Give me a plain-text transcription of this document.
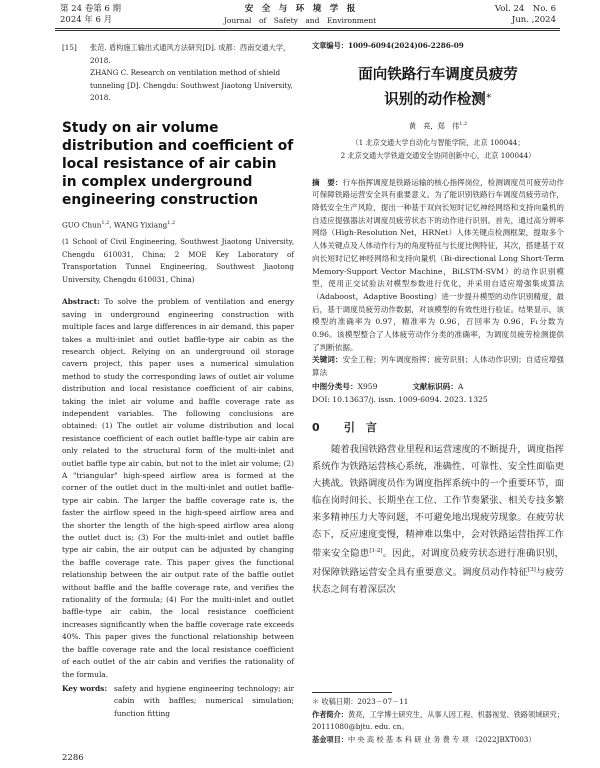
第 24 卷第 6 期
2024 年 6 月
安　全　与　环　境　学　报
Journal　of　Safety　and　Environment
Vol. 24　No. 6
Jun. ,2024
[15] 张范. 盾构施工输出式通风方法研究[D]. 成都：西南交通大学，2018.
ZHANG C. Research on ventilation method of shield tunneling [D]. Chengdu: Southwest Jiaotong University, 2018.
Study on air volume distribution and coefficient of local resistance of air cabin in complex underground engineering construction
GUO Chun$^{1,2}$, WANG Yixiang$^{1,2}$
(1 School of Civil Engineering, Southwest Jiaotong University, Chengdu 610031, China; 2 MOE Key Laboratory of Transportation Tunnel Engineering, Southwest Jiaotong University, Chengdu 610031, China)
Abstract: To solve the problem of ventilation and energy saving in underground engineering construction with multiple faces and large differences in air demand, this paper takes a multi-inlet and outlet baffle-type air cabin as the research object. Relying on an underground oil storage cavern project, this paper uses a numerical simulation method to study the corresponding laws of outlet air volume distribution and local resistance coefficient of air cabins, taking the inlet air volume and baffle coverage rate as independent variables. The following conclusions are obtained: (1) The outlet air volume distribution and local resistance coefficient of each outlet baffle-type air cabin are only related to the structural form of the multi-inlet and outlet baffle type air cabin, but not to the inlet air volume; (2) A "triangular" high-speed airflow area is formed at the corner of the outlet duct in the multi-inlet and outlet baffle-type air cabin. The larger the baffle coverage rate is, the faster the airflow speed in the high-speed airflow area and the shorter the length of the high-speed airflow area along the outlet duct is; (3) For the multi-inlet and outlet baffle type air cabin, the air output can be adjusted by changing the baffle coverage rate. This paper gives the functional relationship between the air output rate of the baffle outlet without baffle and the baffle coverage rate, and verifies the rationality of the formula; (4) For the multi-inlet and outlet baffle-type air cabin, the local resistance coefficient increases significantly when the baffle coverage rate exceeds 40%. This paper gives the functional relationship between the baffle coverage rate and the local resistance coefficient of each outlet of the air cabin and verifies the rationality of the formula.
Key words: safety and hygiene engineering technology; air cabin with baffles; numerical simulation; function fitting
2286
文章编号：1009-6094(2024)06-2286-09
面向铁路行车调度员疲劳
识别的动作检测＊
黄　亮，郑　伟$^{1,2}$
（1 北京交通大学自动化与智能学院，北京 100044；
2 北京交通大学铁道交通安全协同创新中心，北京 100044）
摘　要：行车指挥调度是铁路运输的核心指挥岗位，检测调度员可疲劳动作可保障铁路运营安全具有重要意义。为了能识别铁路行车调度员疲劳动作，降低安全生产风险，提出一种基于双向长短时记忆神经网络和支持向量机的自适应提强器法对调度员疲劳状态下的动作进行识别。首先，通过高分辨率网络（High-Resolution Net，HRNet）人体关键点检测框架，提取多个人体关键点及人体动作行为的角度特征与长度比例特征，其次，搭建基于双向长短时记忆神经网络和支持向量机（Bi-directional Long Short-Term Memory-Support Vector Machine，BiLSTM-SVM）的动作识别模型，使用正交试验法对模型参数进行优化，并采用自适应增强集成算法（Adaboost，Adaptive Boosting）进一步提升模型的动作识别精度，最后，基于调度员疲劳动作数据，对该模型的有效性进行验证。结果显示，该模型的准确率为 0.97，精准率为 0.96，召回率为 0.96，F₁分数为 0.96。该模型整合了人体疲劳动作分类的准确率，为调度员疲劳检测提供了判断依据。
关键词：安全工程；列车调度指挥；疲劳识别；人体动作识别；自适应增强算法
中图分类号：X959	文献标识码：A
DOI: 10.13637/j. issn. 1009-6094. 2023. 1325
0 引　言
随着我国铁路营业里程和运营速度的不断提升，调度指挥系统作为铁路运营核心系统，准确性、可靠性、安全性面临更大挑战。铁路调度员作为调度指挥系统中的一个重要环节，面临在岗时间长、长期坐在工位、工作节奏紧张、相关专技多繁来多精神压力大等问题，不可避免地出现疲劳现象。在疲劳状态下，反应速度变慢，精神难以集中，会对铁路运营指挥工作带来安全隐患[1-2]。因此，对调度员疲劳状态进行准确识别，对保障铁路运营安全具有重要意义。调度员动作特征[3]与疲劳状态之间有着深层次
＊ 收稿日期：2023－07－11
作者简介：黄亮，工学博士研究生，从事人因工程、机器视觉、铁路领域研究；20111080@bjtu. edu. cn。
基金项目：中 央 高 校 基 本 科 研 业 务 费 专 项 （2022JBXT003）
